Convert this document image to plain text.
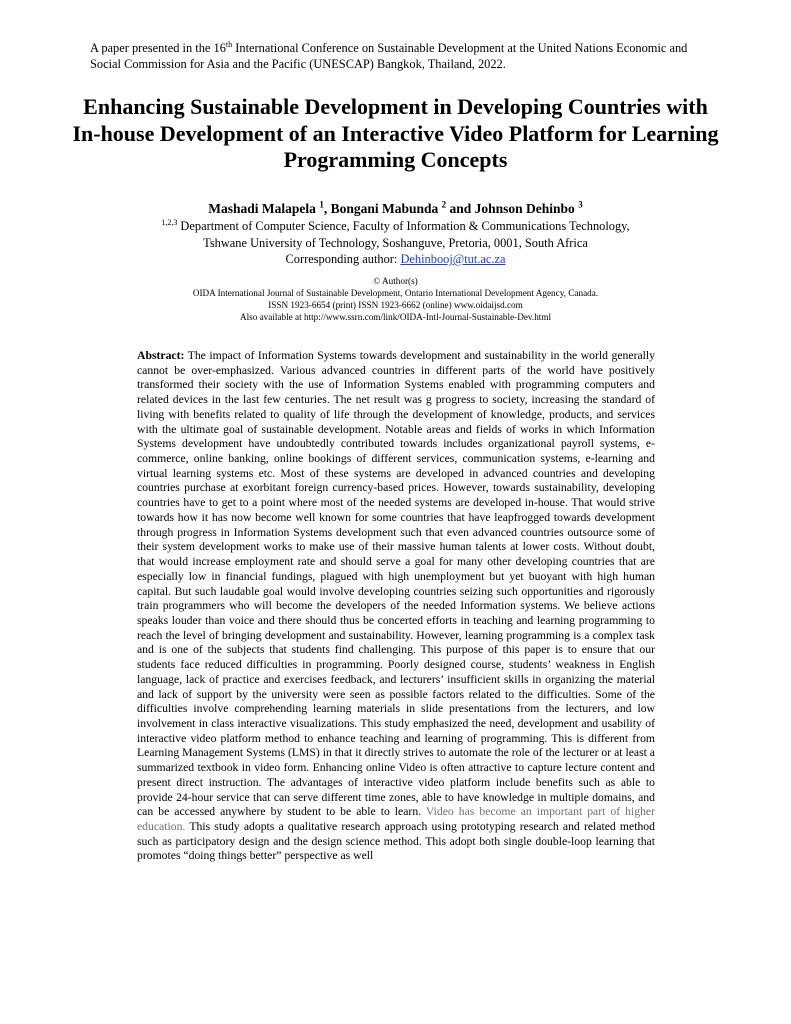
A paper presented in the 16th International Conference on Sustainable Development at the United Nations Economic and Social Commission for Asia and the Pacific (UNESCAP) Bangkok, Thailand, 2022.
Enhancing Sustainable Development in Developing Countries with In-house Development of an Interactive Video Platform for Learning Programming Concepts
Mashadi Malapela $^1$, Bongani Mabunda $^2$ and Johnson Dehinbo $^3$
$^{1,2,3}$ Department of Computer Science, Faculty of Information & Communications Technology,
Tshwane University of Technology, Soshanguve, Pretoria, 0001, South Africa
Corresponding author: Dehinbooj@tut.ac.za
© Author(s)
OIDA International Journal of Sustainable Development, Ontario International Development Agency, Canada.
ISSN 1923-6654 (print) ISSN 1923-6662 (online) www.oidaijsd.com
Also available at http://www.ssrn.com/link/OIDA-Intl-Journal-Sustainable-Dev.html

Abstract: The impact of Information Systems towards development and sustainability in the world generally cannot be over-emphasized. Various advanced countries in different parts of the world have positively transformed their society with the use of Information Systems enabled with programming computers and related devices in the last few centuries. The net result was g progress to society, increasing the standard of living with benefits related to quality of life through the development of knowledge, products, and services with the ultimate goal of sustainable development. Notable areas and fields of works in which Information Systems development have undoubtedly contributed towards includes organizational payroll systems, e-commerce, online banking, online bookings of different services, communication systems, e-learning and virtual learning systems etc. Most of these systems are developed in advanced countries and developing countries purchase at exorbitant foreign currency-based prices. However, towards sustainability, developing countries have to get to a point where most of the needed systems are developed in-house. That would strive towards how it has now become well known for some countries that have leapfrogged towards development through progress in Information Systems development such that even advanced countries outsource some of their system development works to make use of their massive human talents at lower costs. Without doubt, that would increase employment rate and should serve a goal for many other developing countries that are especially low in financial fundings, plagued with high unemployment but yet buoyant with high human capital. But such laudable goal would involve developing countries seizing such opportunities and rigorously train programmers who will become the developers of the needed Information systems. We believe actions speaks louder than voice and there should thus be concerted efforts in teaching and learning programming to reach the level of bringing development and sustainability. However, learning programming is a complex task and is one of the subjects that students find challenging. This purpose of this paper is to ensure that our students face reduced difficulties in programming. Poorly designed course, students’ weakness in English language, lack of practice and exercises feedback, and lecturers’ insufficient skills in organizing the material and lack of support by the university were seen as possible factors related to the difficulties. Some of the difficulties involve comprehending learning materials in slide presentations from the lecturers, and low involvement in class interactive visualizations. This study emphasized the need, development and usability of interactive video platform method to enhance teaching and learning of programming. This is different from Learning Management Systems (LMS) in that it directly strives to automate the role of the lecturer or at least a summarized textbook in video form. Enhancing online Video is often attractive to capture lecture content and present direct instruction. The advantages of interactive video platform include benefits such as able to provide 24-hour service that can serve different time zones, able to have knowledge in multiple domains, and can be accessed anywhere by student to be able to learn. Video has become an important part of higher education. This study adopts a qualitative research approach using prototyping research and related method such as participatory design and the design science method. This adopt both single double-loop learning that promotes “doing things better” perspective as well
